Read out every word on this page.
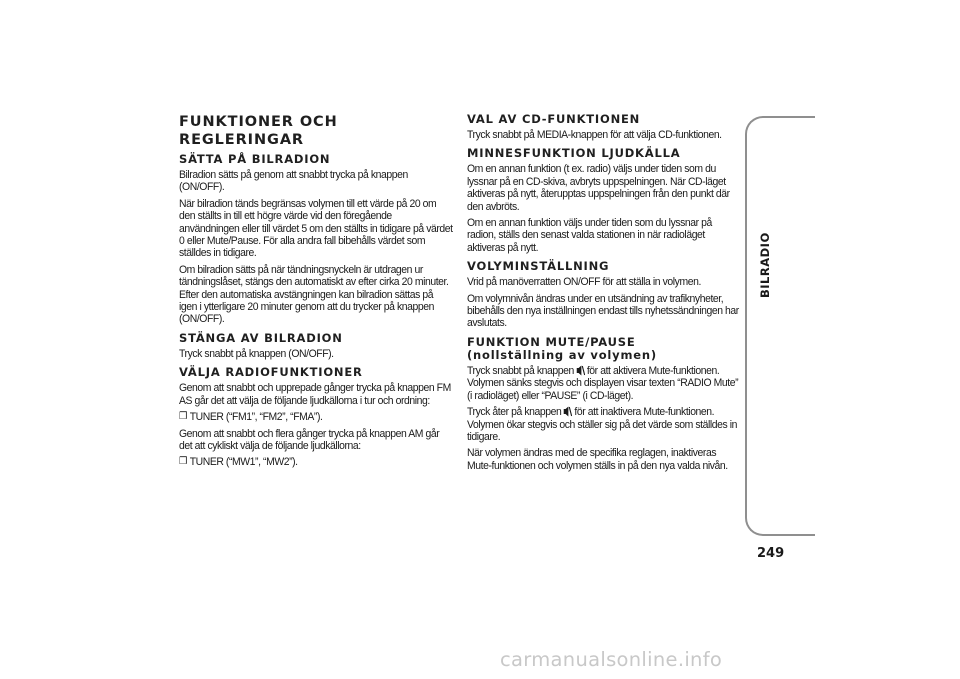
FUNKTIONER OCH REGLERINGAR
SÄTTA PÅ BILRADION

Bilradion sätts på genom att snabbt trycka på knappen (ON/OFF).

När bilradion tänds begränsas volymen till ett värde på 20 om den ställts in till ett högre värde vid den föregående användningen eller till värdet 5 om den ställts in tidigare på värdet 0 eller Mute/Pause. För alla andra fall bibehålls värdet som ställdes in tidigare.

Om bilradion sätts på när tändningsnyckeln är utdragen ur tändningslåset, stängs den automatiskt av efter cirka 20 minuter. Efter den automatiska avstängningen kan bilradion sättas på igen i ytterligare 20 minuter genom att du trycker på knappen (ON/OFF).

STÄNGA AV BILRADION

Tryck snabbt på knappen (ON/OFF).

VÄLJA RADIOFUNKTIONER

Genom att snabbt och upprepade gånger trycka på knappen FM AS går det att välja de följande ljudkällorna i tur och ordning:

❒ TUNER (“FM1”, “FM2”, “FMA”).

Genom att snabbt och flera gånger trycka på knappen AM går det att cykliskt välja de följande ljudkällorna:

❒ TUNER (“MW1”, “MW2”).

VAL AV CD-FUNKTIONEN

Tryck snabbt på MEDIA-knappen för att välja CD-funktionen.

MINNESFUNKTION LJUDKÄLLA

Om en annan funktion (t ex. radio) väljs under tiden som du lyssnar på en CD-skiva, avbryts uppspelningen. När CD-läget aktiveras på nytt, återupptas uppspelningen från den punkt där den avbröts.

Om en annan funktion väljs under tiden som du lyssnar på radion, ställs den senast valda stationen in när radioläget aktiveras på nytt.

VOLYMINSTÄLLNING

Vrid på manöverratten ON/OFF för att ställa in volymen.

Om volymnivån ändras under en utsändning av trafiknyheter, bibehålls den nya inställningen endast tills nyhetssändningen har avslutats.

FUNKTION MUTE/PAUSE
(nollställning av volymen)

Tryck snabbt på knappen för att aktivera Mute-funktionen. Volymen sänks stegvis och displayen visar texten “RADIO Mute” (i radioläget) eller “PAUSE” (i CD-läget).

Tryck åter på knappen för att inaktivera Mute-funktionen. Volymen ökar stegvis och ställer sig på det värde som ställdes in tidigare.

När volymen ändras med de specifika reglagen, inaktiveras Mute-funktionen och volymen ställs in på den nya valda nivån.

BILRADIO
249
carmanualsonline.info
